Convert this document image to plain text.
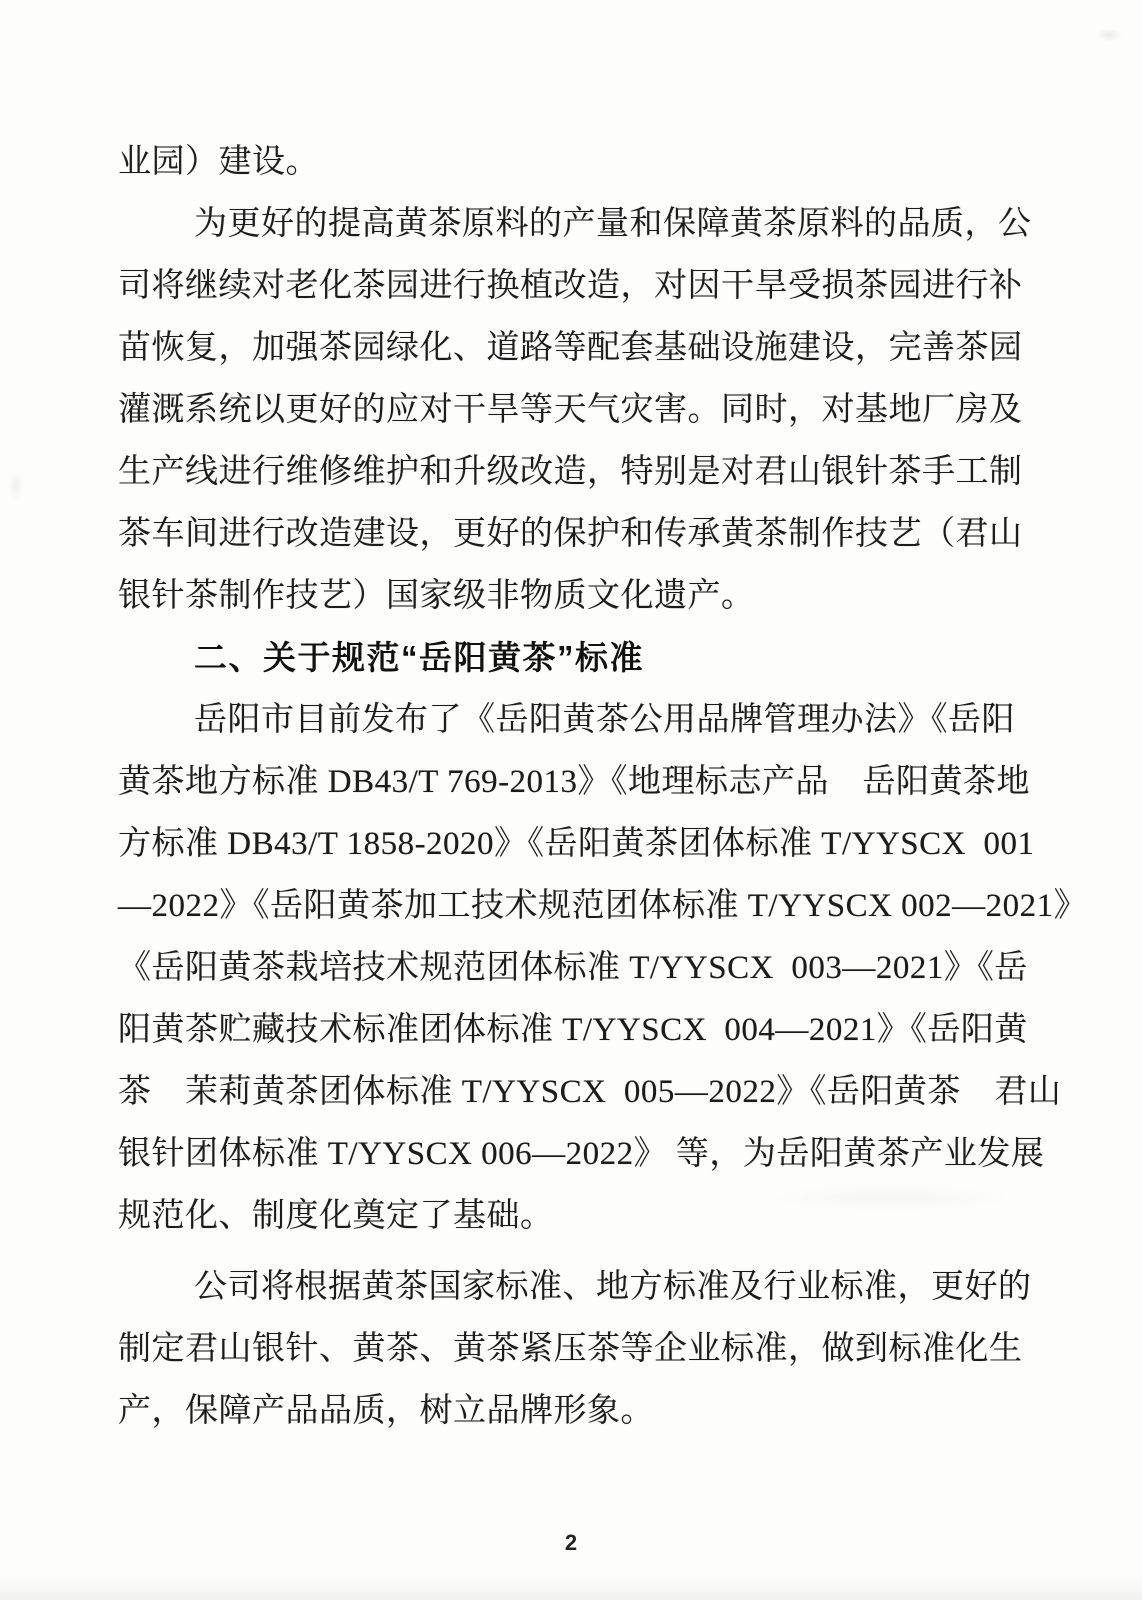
业园）建设。
为更好的提高黄茶原料的产量和保障黄茶原料的品质，公
司将继续对老化茶园进行换植改造，对因干旱受损茶园进行补
苗恢复，加强茶园绿化、道路等配套基础设施建设，完善茶园
灌溉系统以更好的应对干旱等天气灾害。同时，对基地厂房及
生产线进行维修维护和升级改造，特别是对君山银针茶手工制
茶车间进行改造建设，更好的保护和传承黄茶制作技艺（君山
银针茶制作技艺）国家级非物质文化遗产。
二、关于规范“岳阳黄茶”标准
岳阳市目前发布了《岳阳黄茶公用品牌管理办法》《岳阳
黄茶地方标准 DB43/T 769-2013》《地理标志产品　岳阳黄茶地
方标准 DB43/T 1858-2020》《岳阳黄茶团体标准 T/YYSCX  001
—2022》《岳阳黄茶加工技术规范团体标准 T/YYSCX 002—2021》
《岳阳黄茶栽培技术规范团体标准 T/YYSCX  003—2021》《岳
阳黄茶贮藏技术标准团体标准 T/YYSCX  004—2021》《岳阳黄
茶　茉莉黄茶团体标准 T/YYSCX  005—2022》《岳阳黄茶　君山
银针团体标准 T/YYSCX 006—2022》 等，为岳阳黄茶产业发展
规范化、制度化奠定了基础。
公司将根据黄茶国家标准、地方标准及行业标准，更好的
制定君山银针、黄茶、黄茶紧压茶等企业标准，做到标准化生
产，保障产品品质，树立品牌形象。
2
